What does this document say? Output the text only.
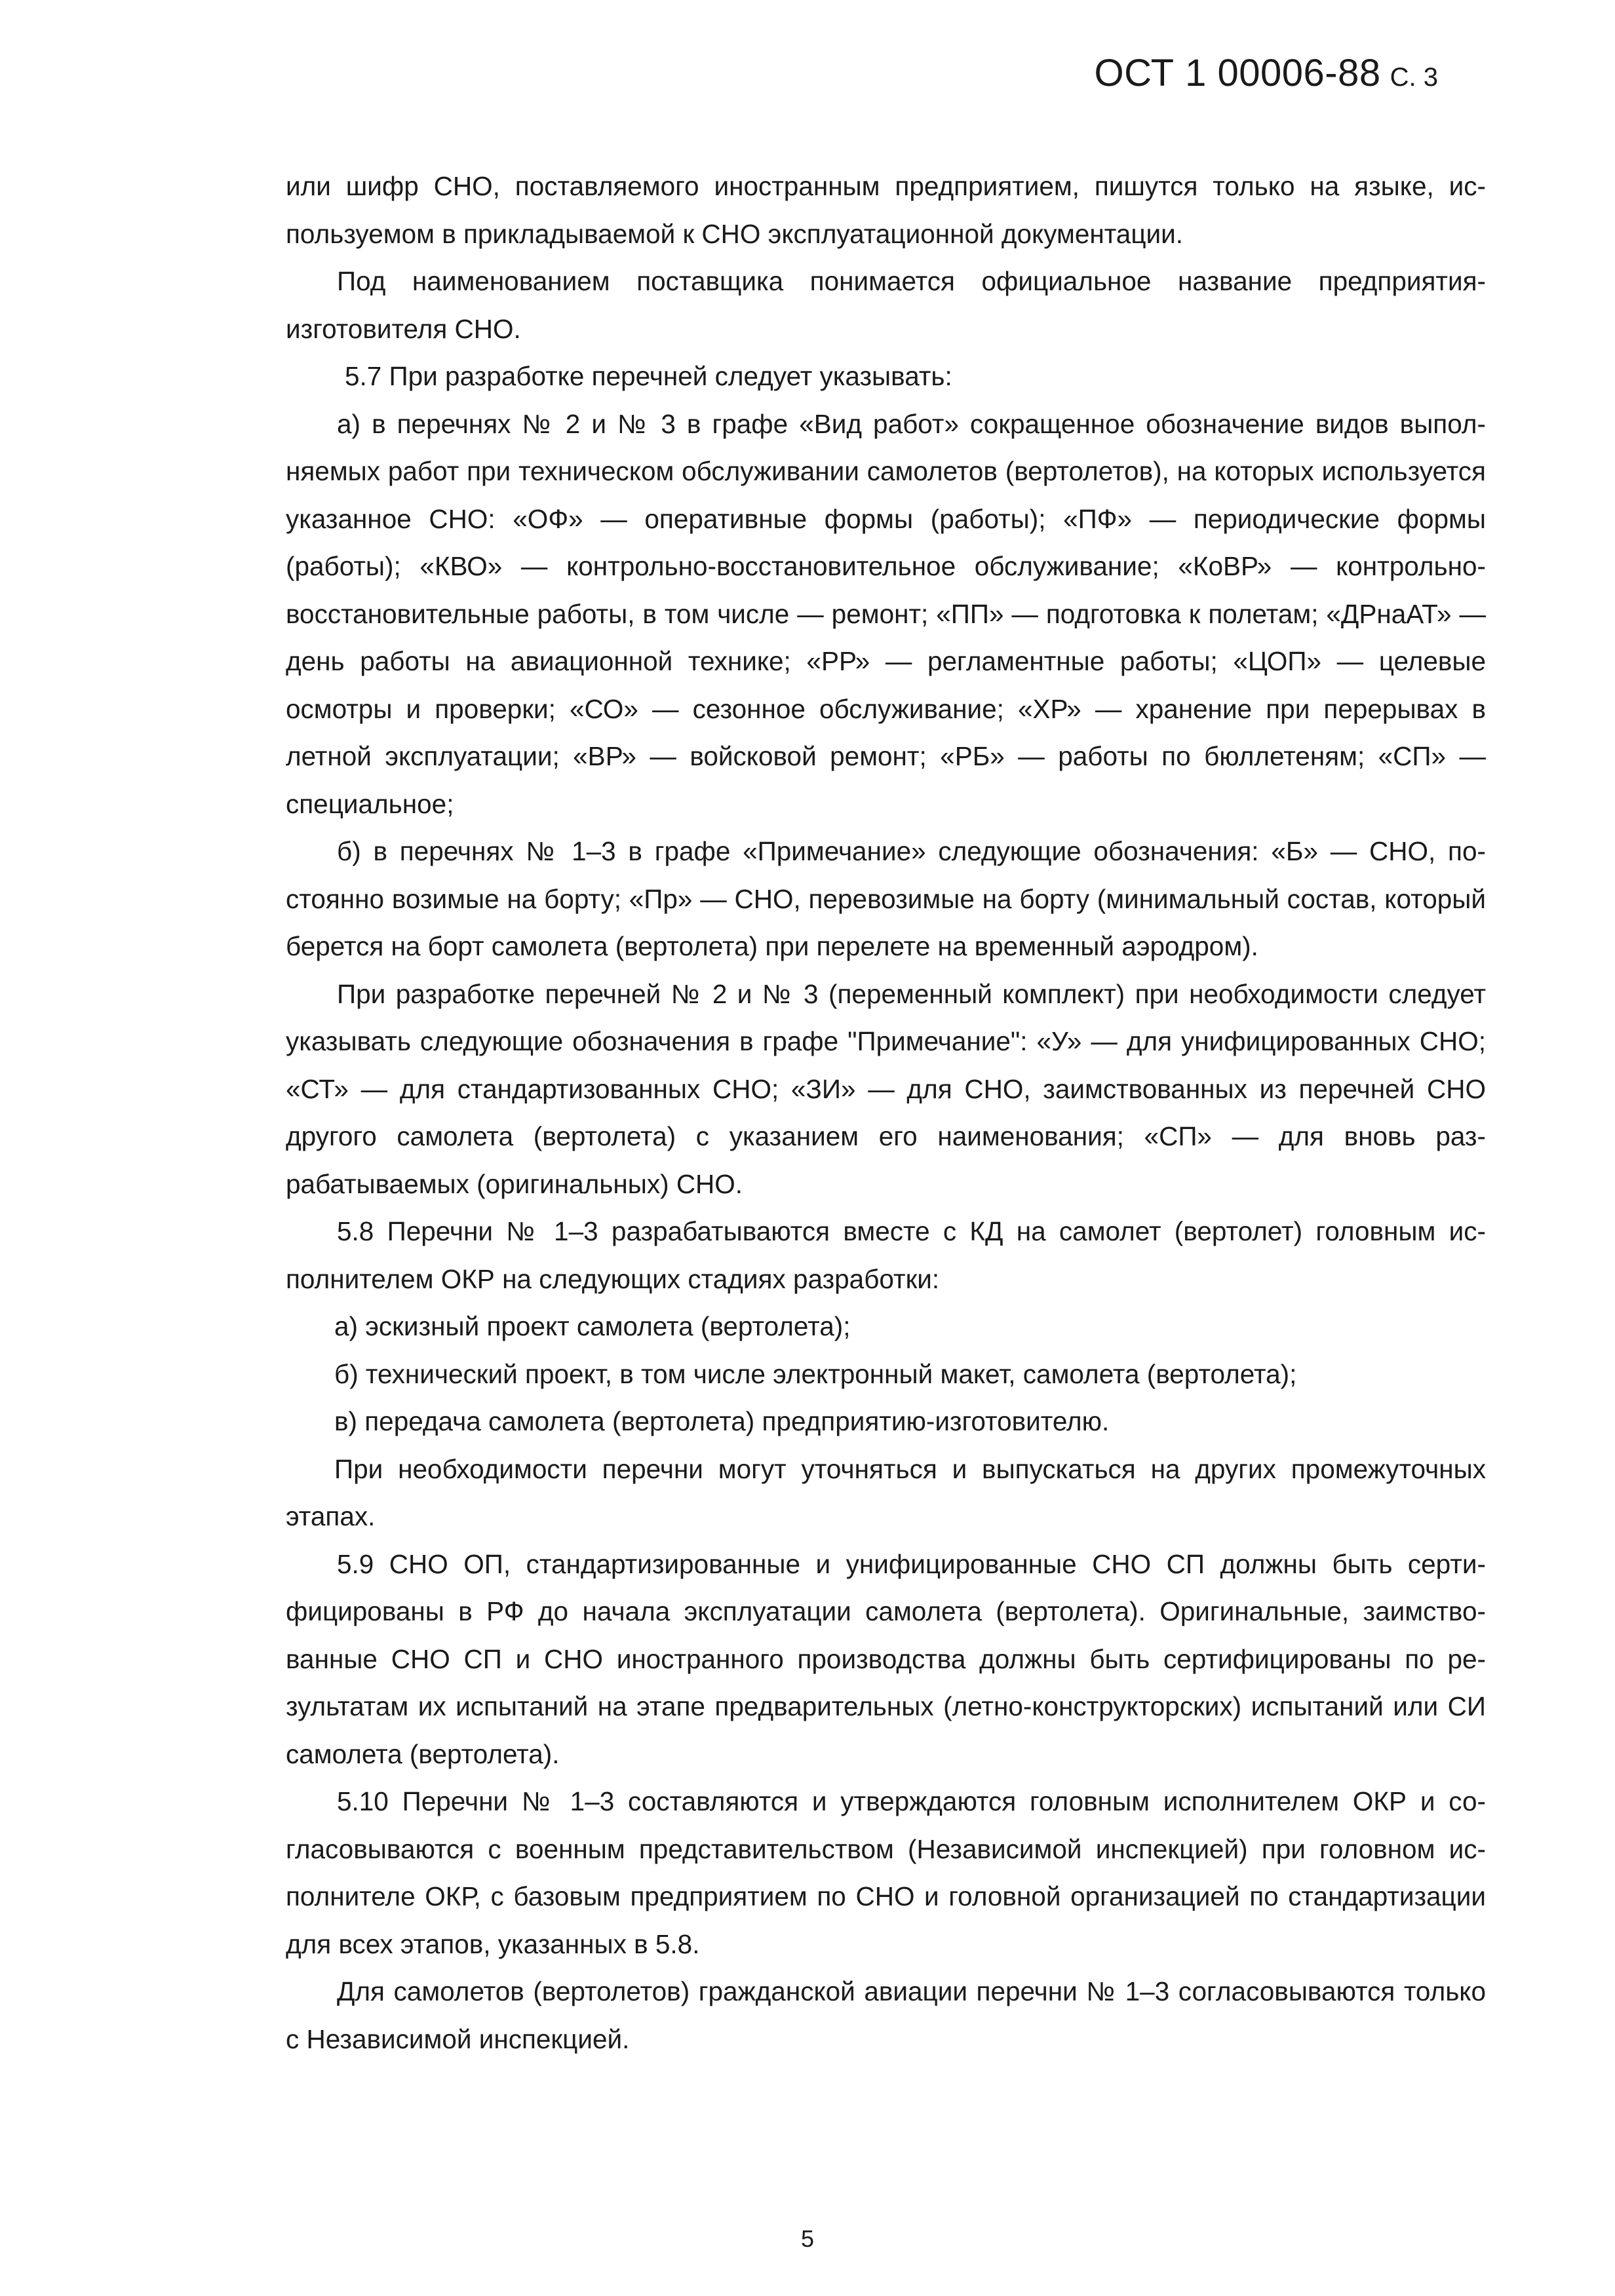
ОСТ 1 00006-88 С. 3

или шифр СНО, поставляемого иностранным предприятием, пишутся только на языке, используемом в прикладываемой к СНО эксплуатационной документации.

Под наименованием поставщика понимается официальное название предприятия-изготовителя СНО.

5.7 При разработке перечней следует указывать:

а) в перечнях № 2 и № 3 в графе «Вид работ» сокращенное обозначение видов выполняемых работ при техническом обслуживании самолетов (вертолетов), на которых используется указанное СНО: «ОФ» — оперативные формы (работы); «ПФ» — периодические формы (работы); «КВО» — контрольно-восстановительное обслуживание; «КоВР» — контрольно-восстановительные работы, в том числе — ремонт; «ПП» — подготовка к полетам; «ДРнаАТ» — день работы на авиационной технике; «РР» — регламентные работы; «ЦОП» — целевые осмотры и проверки; «СО» — сезонное обслуживание; «ХР» — хранение при перерывах в летной эксплуатации; «ВР» — войсковой ремонт; «РБ» — работы по бюллетеням; «СП» — специальное;

б) в перечнях № 1–3 в графе «Примечание» следующие обозначения: «Б» — СНО, постоянно возимые на борту; «Пр» — СНО, перевозимые на борту (минимальный состав, который берется на борт самолета (вертолета) при перелете на временный аэродром).

При разработке перечней № 2 и № 3 (переменный комплект) при необходимости следует указывать следующие обозначения в графе "Примечание": «У» — для унифицированных СНО; «СТ» — для стандартизованных СНО; «ЗИ» — для СНО, заимствованных из перечней СНО другого самолета (вертолета) с указанием его наименования; «СП» — для вновь разрабатываемых (оригинальных) СНО.

5.8 Перечни № 1–3 разрабатываются вместе с КД на самолет (вертолет) головным исполнителем ОКР на следующих стадиях разработки:

а) эскизный проект самолета (вертолета);

б) технический проект, в том числе электронный макет, самолета (вертолета);

в) передача самолета (вертолета) предприятию-изготовителю.

При необходимости перечни могут уточняться и выпускаться на других промежуточных этапах.

5.9 СНО ОП, стандартизированные и унифицированные СНО СП должны быть сертифицированы в РФ до начала эксплуатации самолета (вертолета). Оригинальные, заимствованные СНО СП и СНО иностранного производства должны быть сертифицированы по результатам их испытаний на этапе предварительных (летно-конструкторских) испытаний или СИ самолета (вертолета).

5.10 Перечни № 1–3 составляются и утверждаются головным исполнителем ОКР и согласовываются с военным представительством (Независимой инспекцией) при головном исполнителе ОКР, с базовым предприятием по СНО и головной организацией по стандартизации для всех этапов, указанных в 5.8.

Для самолетов (вертолетов) гражданской авиации перечни № 1–3 согласовываются только с Независимой инспекцией.

5
